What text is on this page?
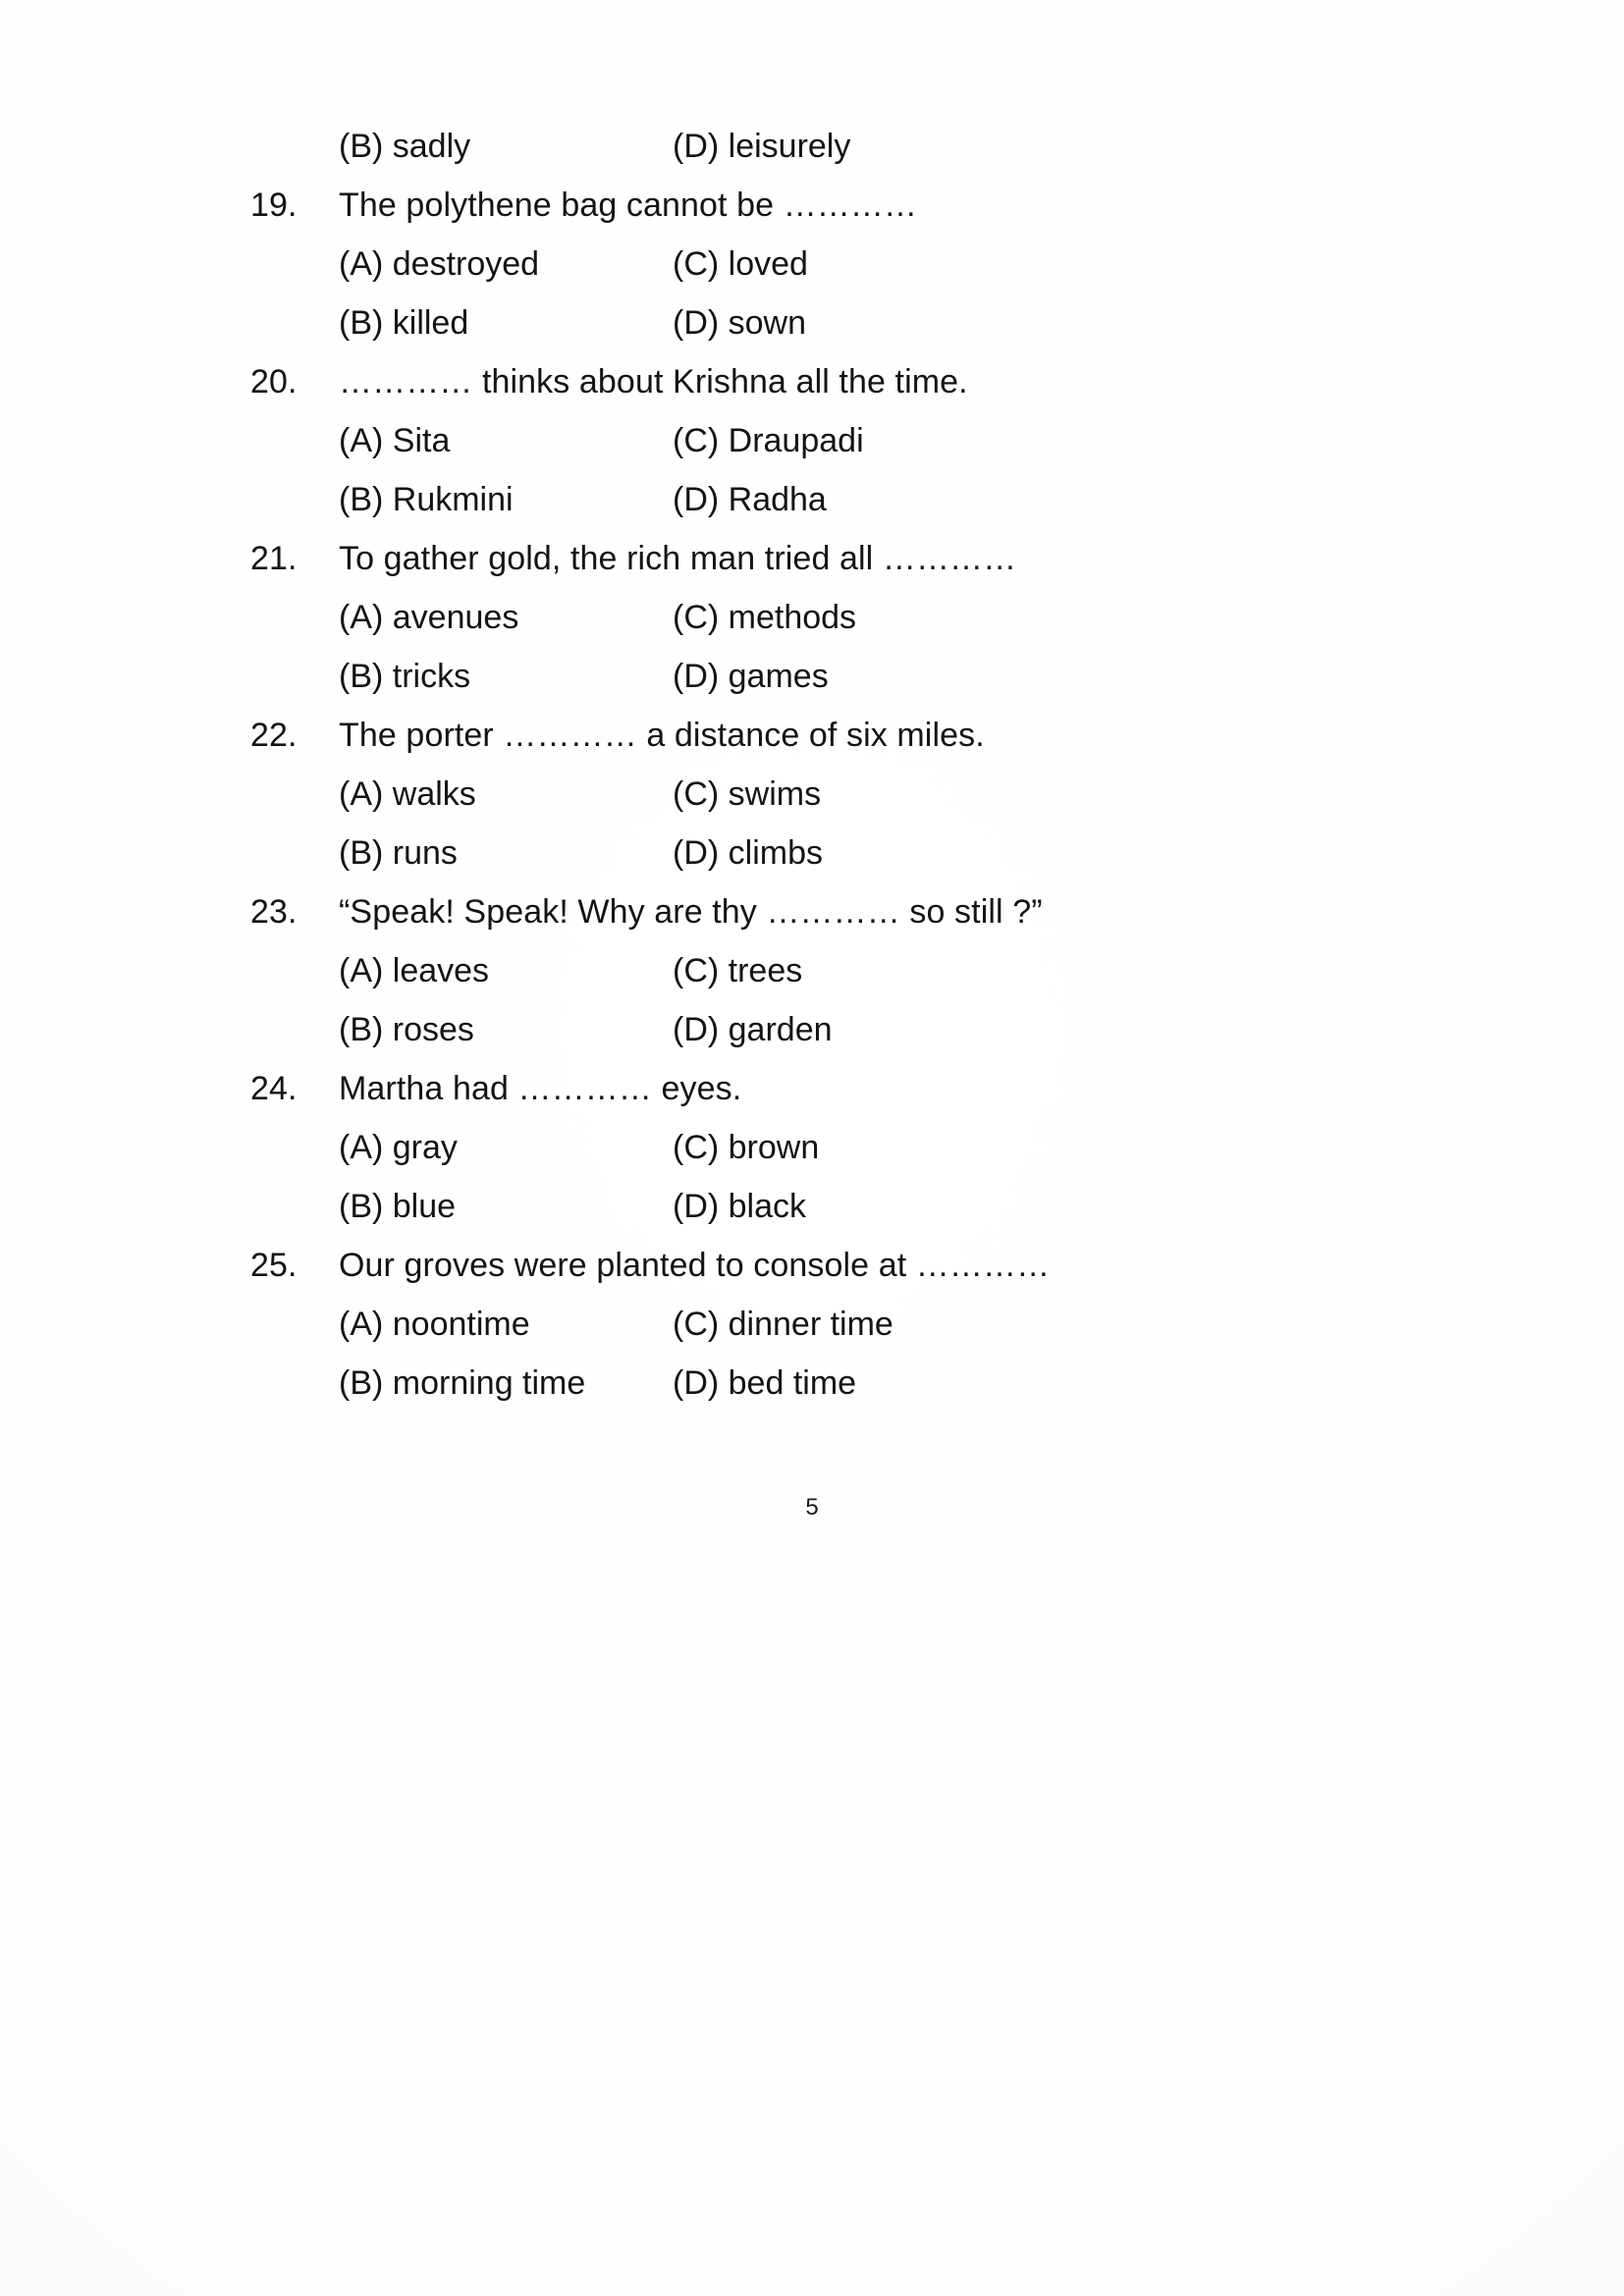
(B) sadly	(D) leisurely
19.	The polythene bag cannot be …………
(A) destroyed	(C) loved
(B) killed	(D) sown
20.	………… thinks about Krishna all the time.
(A) Sita	(C) Draupadi
(B) Rukmini	(D) Radha
21.	To gather gold, the rich man tried all …………
(A) avenues	(C) methods
(B) tricks	(D) games
22.	The porter ………… a distance of six miles.
(A) walks	(C) swims
(B) runs	(D) climbs
23.	“Speak! Speak! Why are thy ………… so still ?”
(A) leaves	(C) trees
(B) roses	(D) garden
24.	Martha had ………… eyes.
(A) gray	(C) brown
(B) blue	(D) black
25.	Our groves were planted to console at …………
(A) noontime	(C) dinner time
(B) morning time	(D) bed time
5
